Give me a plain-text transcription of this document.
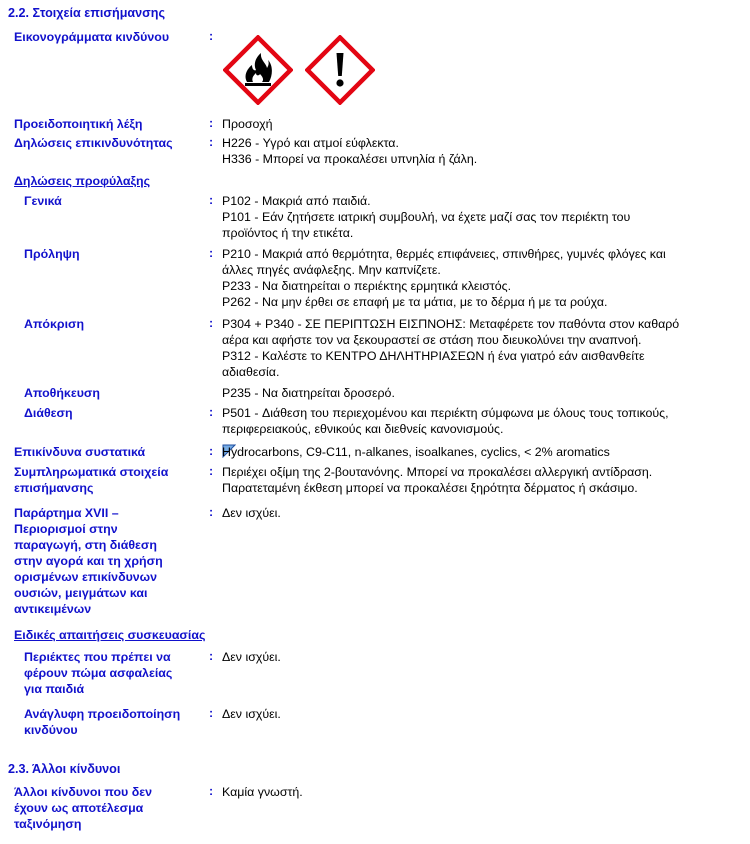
2.2. Στοιχεία επισήμανσης
Εικονογράμματα κινδύνου	:
Προειδοποιητική λέξη	: Προσοχή
Δηλώσεις επικινδυνότητας	: H226 - Υγρό και ατμοί εύφλεκτα.
H336 - Μπορεί να προκαλέσει υπνηλία ή ζάλη.
Δηλώσεις προφύλαξης
Γενικά	: P102 - Μακριά από παιδιά.
P101 - Εάν ζητήσετε ιατρική συμβουλή, να έχετε μαζί σας τον περιέκτη του
προϊόντος ή την ετικέτα.
Πρόληψη	: P210 - Μακριά από θερμότητα, θερμές επιφάνειες, σπινθήρες, γυμνές φλόγες και
άλλες πηγές ανάφλεξης. Μην καπνίζετε.
P233 - Να διατηρείται ο περιέκτης ερμητικά κλειστός.
P262 - Να μην έρθει σε επαφή με τα μάτια, με το δέρμα ή με τα ρούχα.
Απόκριση	: P304 + P340 - ΣΕ ΠΕΡΙΠΤΩΣΗ ΕΙΣΠΝΟΗΣ: Μεταφέρετε τον παθόντα στον καθαρό
αέρα και αφήστε τον να ξεκουραστεί σε στάση που διευκολύνει την αναπνοή.
P312 - Καλέστε το ΚΕΝΤΡΟ ΔΗΛΗΤΗΡΙΑΣΕΩΝ ή ένα γιατρό εάν αισθανθείτε
αδιαθεσία.
Αποθήκευση	P235 - Να διατηρείται δροσερό.
Διάθεση	: P501 - Διάθεση του περιεχομένου και περιέκτη σύμφωνα με όλους τους τοπικούς,
περιφερειακούς, εθνικούς και διεθνείς κανονισμούς.
Επικίνδυνα συστατικά	: Hydrocarbons, C9-C11, n-alkanes, isoalkanes, cyclics, < 2% aromatics
Συμπληρωματικά στοιχεία
επισήμανσης
: Περιέχει οξίμη της 2-βουτανόνης. Μπορεί να προκαλέσει αλλεργική αντίδραση.
Παρατεταμένη έκθεση μπορεί να προκαλέσει ξηρότητα δέρματος ή σκάσιμο.
Παράρτημα XVII –
Περιορισμοί στην
παραγωγή, στη διάθεση
στην αγορά και τη χρήση
ορισμένων επικίνδυνων
ουσιών, μειγμάτων και
αντικειμένων
: Δεν ισχύει.
Ειδικές απαιτήσεις συσκευασίας
Περιέκτες που πρέπει να
φέρουν πώμα ασφαλείας
για παιδιά
: Δεν ισχύει.
Ανάγλυφη προειδοποίηση
κινδύνου
: Δεν ισχύει.
2.3. Άλλοι κίνδυνοι
Άλλοι κίνδυνοι που δεν
έχουν ως αποτέλεσμα
ταξινόμηση
: Καμία γνωστή.
